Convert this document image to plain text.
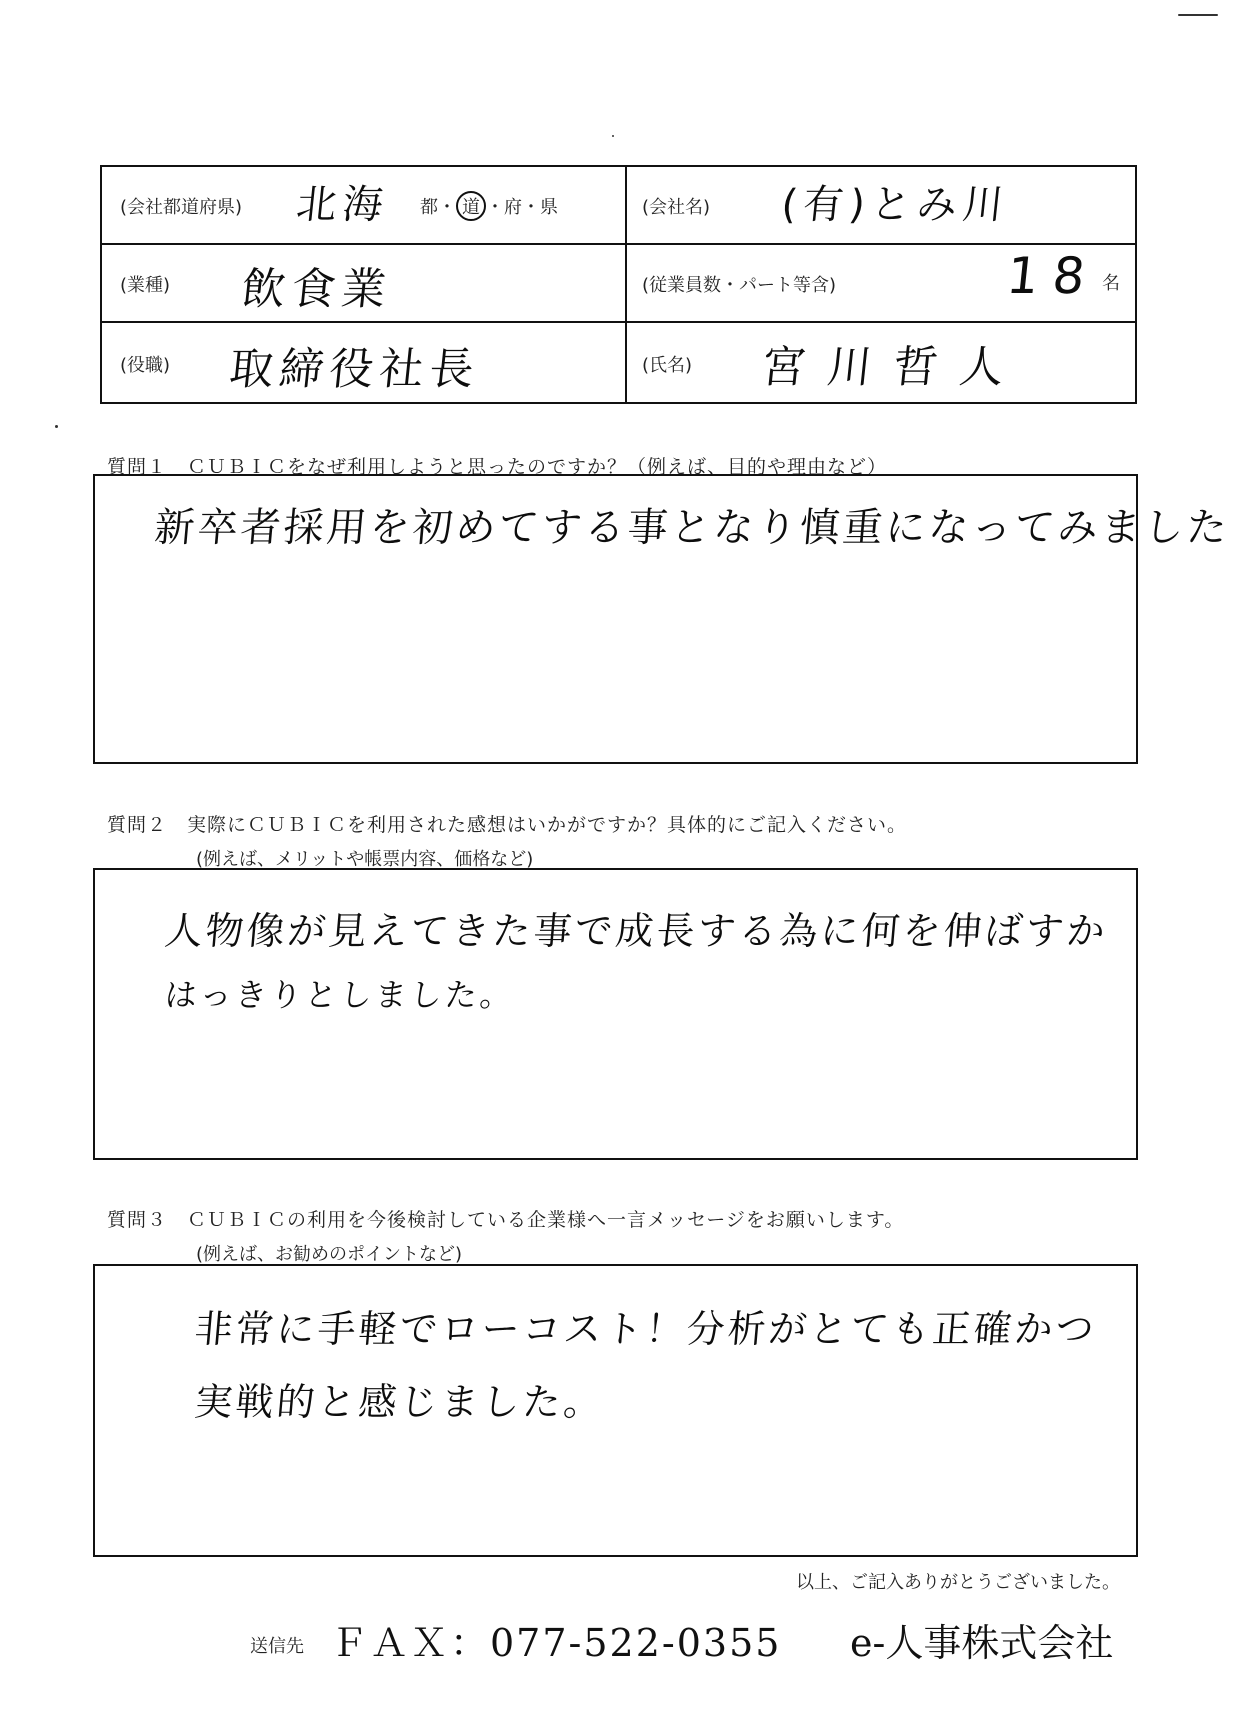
(会社都道府県) 北海 都・ 道 ・府・県	(会社名) (有)とみ川
(業種) 飲食業	(従業員数・パート等含)	18 名
(役職) 取締役社長	(氏名) 宮川哲人
質問１　ＣＵＢＩＣをなぜ利用しようと思ったのですか？（例えば、目的や理由など）
新卒者採用を初めてする事となり慎重になってみました
質問２　実際にＣＵＢＩＣを利用された感想はいかがですか？具体的にご記入ください。
(例えば、メリットや帳票内容、価格など)
人物像が見えてきた事で成長する為に何を伸ばすか
はっきりとしました。
質問３　ＣＵＢＩＣの利用を今後検討している企業様へ一言メッセージをお願いします。
(例えば、お勧めのポイントなど)
非常に手軽でローコスト！分析がとても正確かつ
実戦的と感じました。
以上、ご記入ありがとうございました。
送信先 ＦＡＸ：077-522-0355 e-人事株式会社
